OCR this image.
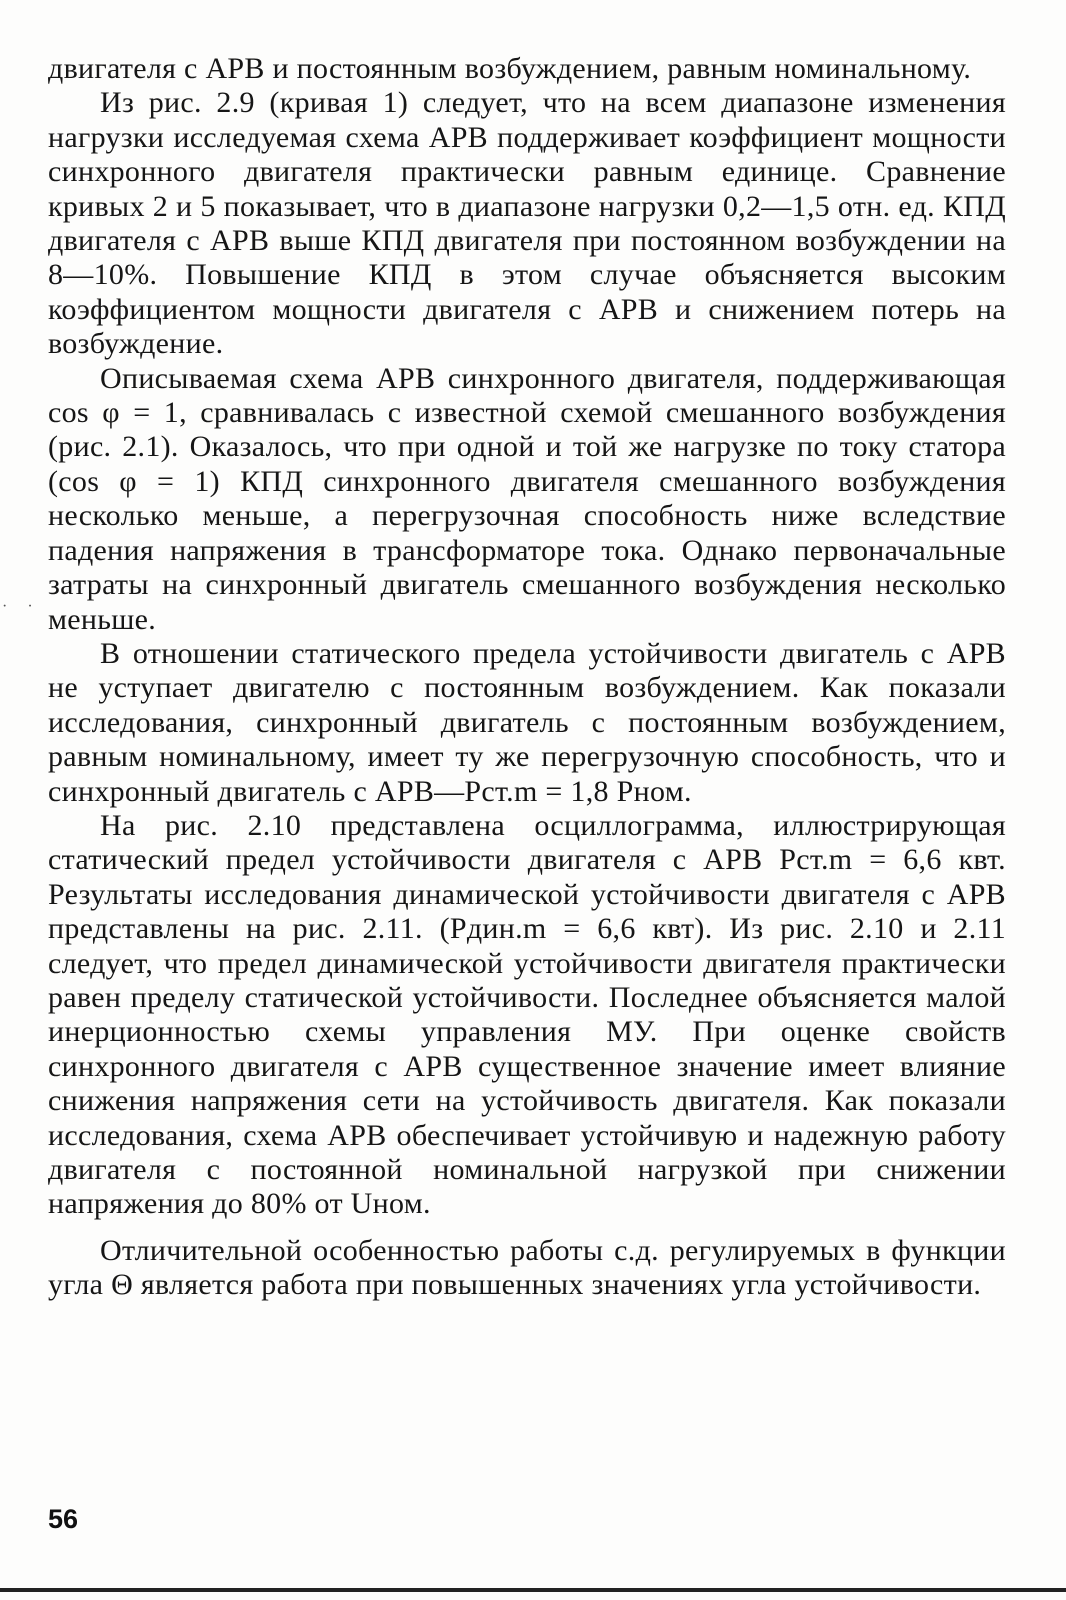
· ·

двигателя с АРВ и постоянным возбуждением, равным номинальному.

Из рис. 2.9 (кривая 1) следует, что на всем диапазоне изменения нагрузки исследуемая схема АРВ поддерживает коэффициент мощности синхронного двигателя практически равным единице. Сравнение кривых 2 и 5 показывает, что в диапазоне нагрузки 0,2—1,5 отн. ед. КПД двигателя с АРВ выше КПД двигателя при постоянном возбуждении на 8—10%. Повышение КПД в этом случае объясняется высоким коэффициентом мощности двигателя с АРВ и снижением потерь на возбуждение.

Описываемая схема АРВ синхронного двигателя, поддерживающая cos φ = 1, сравнивалась с известной схемой смешанного возбуждения (рис. 2.1). Оказалось, что при одной и той же нагрузке по току статора (cos φ = 1) КПД синхронного двигателя смешанного возбуждения несколько меньше, а перегрузочная способность ниже вследствие падения напряжения в трансформаторе тока. Однако первоначальные затраты на синхронный двигатель смешанного возбуждения несколько меньше.

В отношении статического предела устойчивости двигатель с АРВ не уступает двигателю с постоянным возбуждением. Как показали исследования, синхронный двигатель с постоянным возбуждением, равным номинальному, имеет ту же перегрузочную способность, что и синхронный двигатель с АРВ—Pст.m = 1,8 Pном.

На рис. 2.10 представлена осциллограмма, иллюстрирующая статический предел устойчивости двигателя с АРВ Pст.m = 6,6 квт. Результаты исследования динамической устойчивости двигателя с АРВ представлены на рис. 2.11. (Pдин.m = 6,6 квт). Из рис. 2.10 и 2.11 следует, что предел динамической устойчивости двигателя практически равен пределу статической устойчивости. Последнее объясняется малой инерционностью схемы управления МУ. При оценке свойств синхронного двигателя с АРВ существенное значение имеет влияние снижения напряжения сети на устойчивость двигателя. Как показали исследования, схема АРВ обеспечивает устойчивую и надежную работу двигателя с постоянной номинальной нагрузкой при снижении напряжения до 80% от Uном.

Отличительной особенностью работы с.д. регулируемых в функции угла Θ является работа при повышенных значениях угла устойчивости.

56
